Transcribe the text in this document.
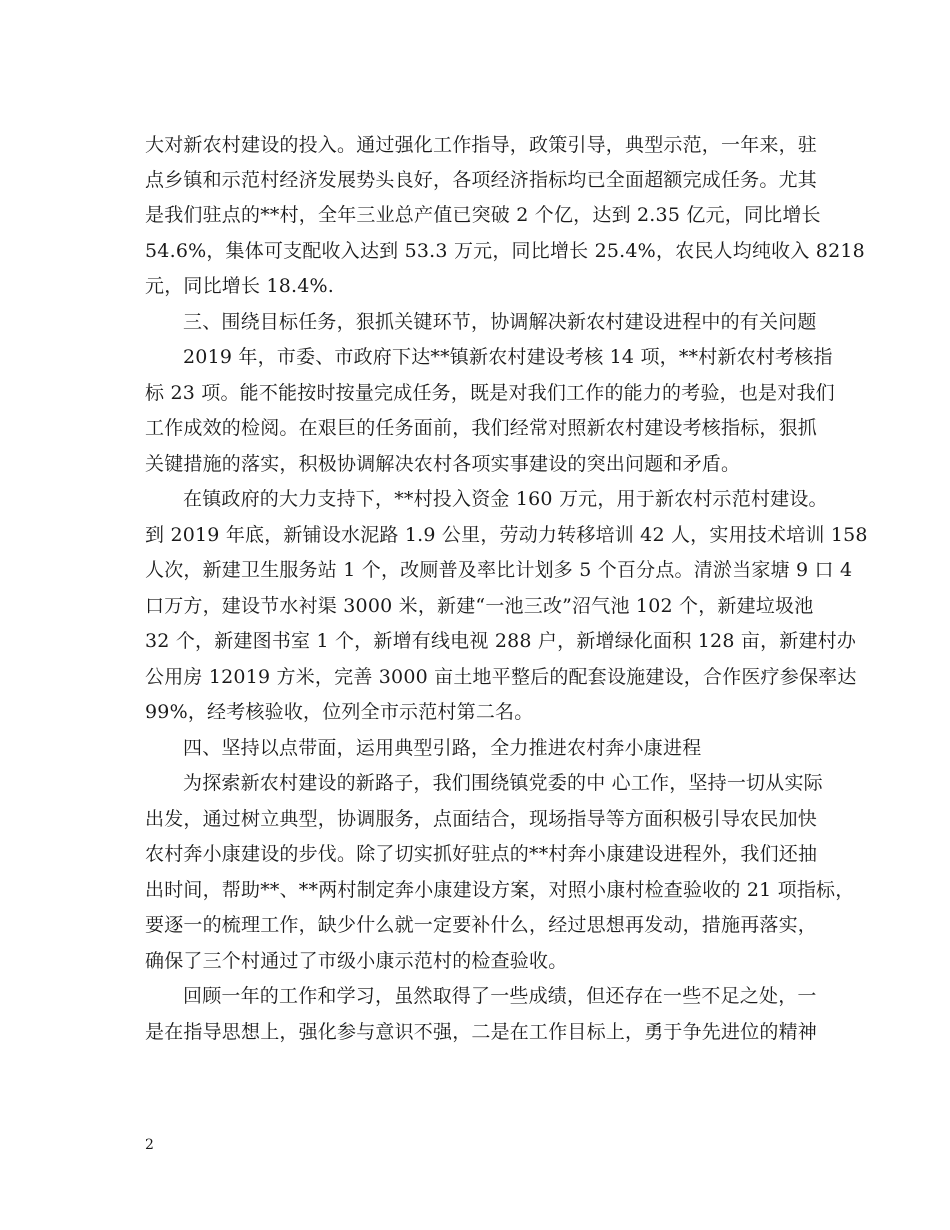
大对新农村建设的投入。通过强化工作指导，政策引导，典型示范，一年来，驻
点乡镇和示范村经济发展势头良好，各项经济指标均已全面超额完成任务。尤其
是我们驻点的**村，全年三业总产值已突破 2 个亿，达到 2.35 亿元，同比增长
54.6%，集体可支配收入达到 53.3 万元，同比增长 25.4%，农民人均纯收入 8218
元，同比增长 18.4%.
三、围绕目标任务，狠抓关键环节，协调解决新农村建设进程中的有关问题
2019 年，市委、市政府下达**镇新农村建设考核 14 项，**村新农村考核指
标 23 项。能不能按时按量完成任务，既是对我们工作的能力的考验，也是对我们
工作成效的检阅。在艰巨的任务面前，我们经常对照新农村建设考核指标，狠抓
关键措施的落实，积极协调解决农村各项实事建设的突出问题和矛盾。
在镇政府的大力支持下，**村投入资金 160 万元，用于新农村示范村建设。
到 2019 年底，新铺设水泥路 1.9 公里，劳动力转移培训 42 人，实用技术培训 158
人次，新建卫生服务站 1 个，改厕普及率比计划多 5 个百分点。清淤当家塘 9 口 4
口万方，建设节水衬渠 3000 米，新建“一池三改”沼气池 102 个，新建垃圾池
32 个，新建图书室 1 个，新增有线电视 288 户，新增绿化面积 128 亩，新建村办
公用房 12019 方米，完善 3000 亩土地平整后的配套设施建设，合作医疗参保率达
99%，经考核验收，位列全市示范村第二名。
四、坚持以点带面，运用典型引路，全力推进农村奔小康进程
为探索新农村建设的新路子，我们围绕镇党委的中 心工作，坚持一切从实际
出发，通过树立典型，协调服务，点面结合，现场指导等方面积极引导农民加快
农村奔小康建设的步伐。除了切实抓好驻点的**村奔小康建设进程外，我们还抽
出时间，帮助**、**两村制定奔小康建设方案，对照小康村检查验收的 21 项指标，
要逐一的梳理工作，缺少什么就一定要补什么，经过思想再发动，措施再落实，
确保了三个村通过了市级小康示范村的检查验收。
回顾一年的工作和学习，虽然取得了一些成绩，但还存在一些不足之处，一
是在指导思想上，强化参与意识不强，二是在工作目标上，勇于争先进位的精神
2
